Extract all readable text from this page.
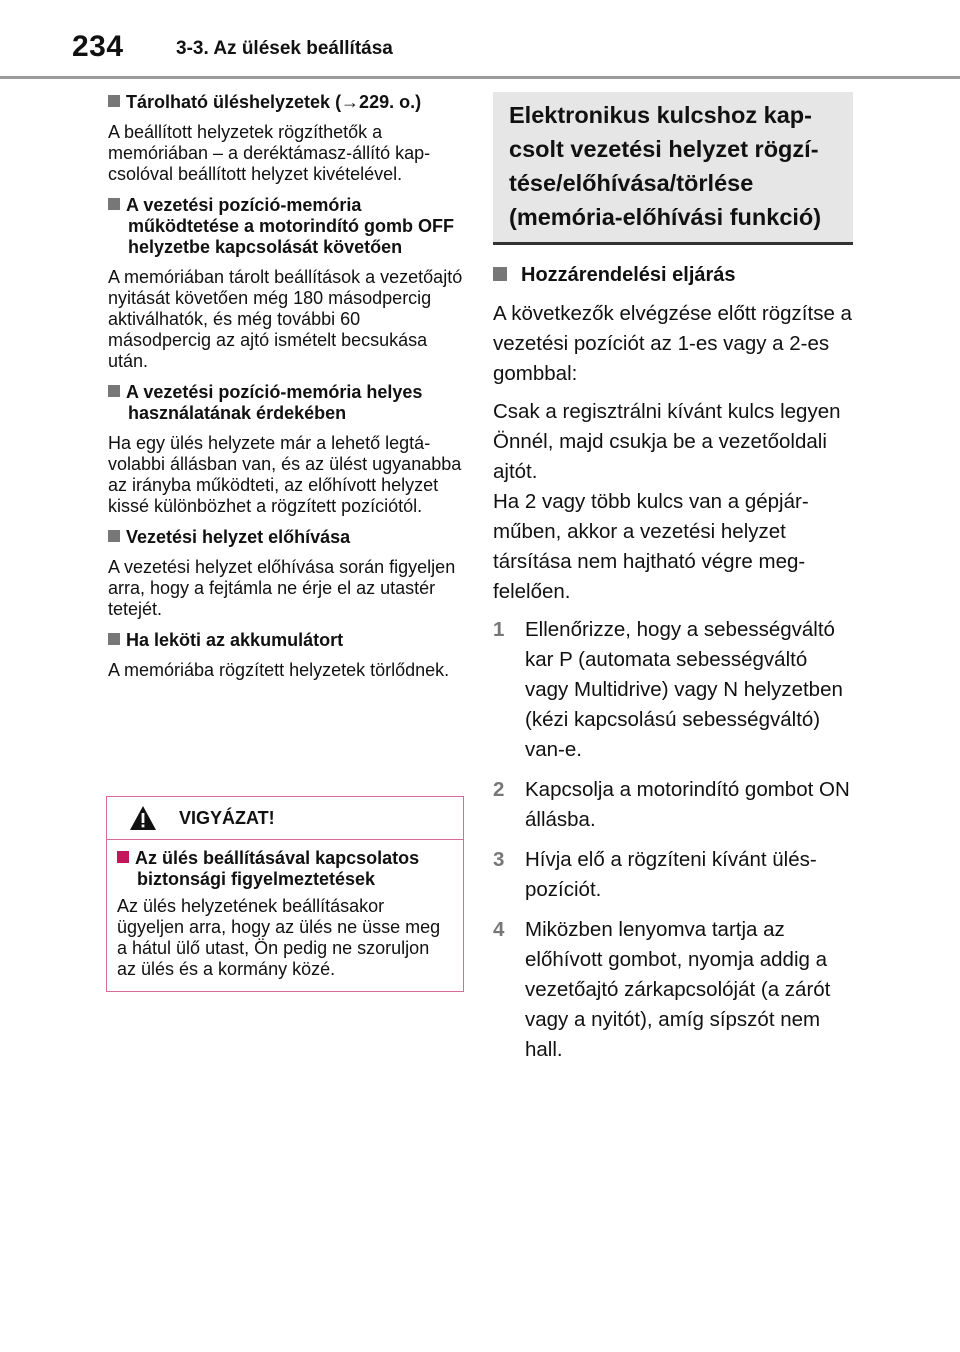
234	3-3. Az ülések beállítása
Tárolható üléshelyzetek (→229. o.)
A beállított helyzetek rögzíthetők a memóriában – a deréktámasz-állító kapcsolóval beállított helyzet kivételével.
A vezetési pozíció-memória működtetése a motorindító gomb OFF helyzetbe kapcsolását követően
A memóriában tárolt beállítások a vezetőajtó nyitását követően még 180 másodpercig aktiválhatók, és még további 60 másodpercig az ajtó ismételt becsukása után.
A vezetési pozíció-memória helyes használatának érdekében
Ha egy ülés helyzete már a lehető legtávolabbi állásban van, és az ülést ugyanabba az irányba működteti, az előhívott helyzet kissé különbözhet a rögzített pozíciótól.
Vezetési helyzet előhívása
A vezetési helyzet előhívása során figyeljen arra, hogy a fejtámla ne érje el az utastér tetejét.
Ha leköti az akkumulátort
A memóriába rögzített helyzetek törlődnek.
VIGYÁZAT!
Az ülés beállításával kapcsolatos biztonsági figyelmeztetések
Az ülés helyzetének beállításakor ügyeljen arra, hogy az ülés ne üsse meg a hátul ülő utast, Ön pedig ne szoruljon az ülés és a kormány közé.
Elektronikus kulcshoz kapcsolt vezetési helyzet rögzítése/előhívása/törlése (memória-előhívási funkció)
Hozzárendelési eljárás
A következők elvégzése előtt rögzítse a vezetési pozíciót az 1-es vagy a 2-es gombbal:
Csak a regisztrálni kívánt kulcs legyen Önnél, majd csukja be a vezetőoldali ajtót.
Ha 2 vagy több kulcs van a gépjárműben, akkor a vezetési helyzet társítása nem hajtható végre megfelelően.
1 Ellenőrizze, hogy a sebességváltó kar P (automata sebességváltó vagy Multidrive) vagy N helyzetben (kézi kapcsolású sebességváltó) van-e.
2 Kapcsolja a motorindító gombot ON állásba.
3 Hívja elő a rögzíteni kívánt üléspozíciót.
4 Miközben lenyomva tartja az előhívott gombot, nyomja addig a vezetőajtó zárkapcsolóját (a zárót vagy a nyitót), amíg sípszót nem hall.
